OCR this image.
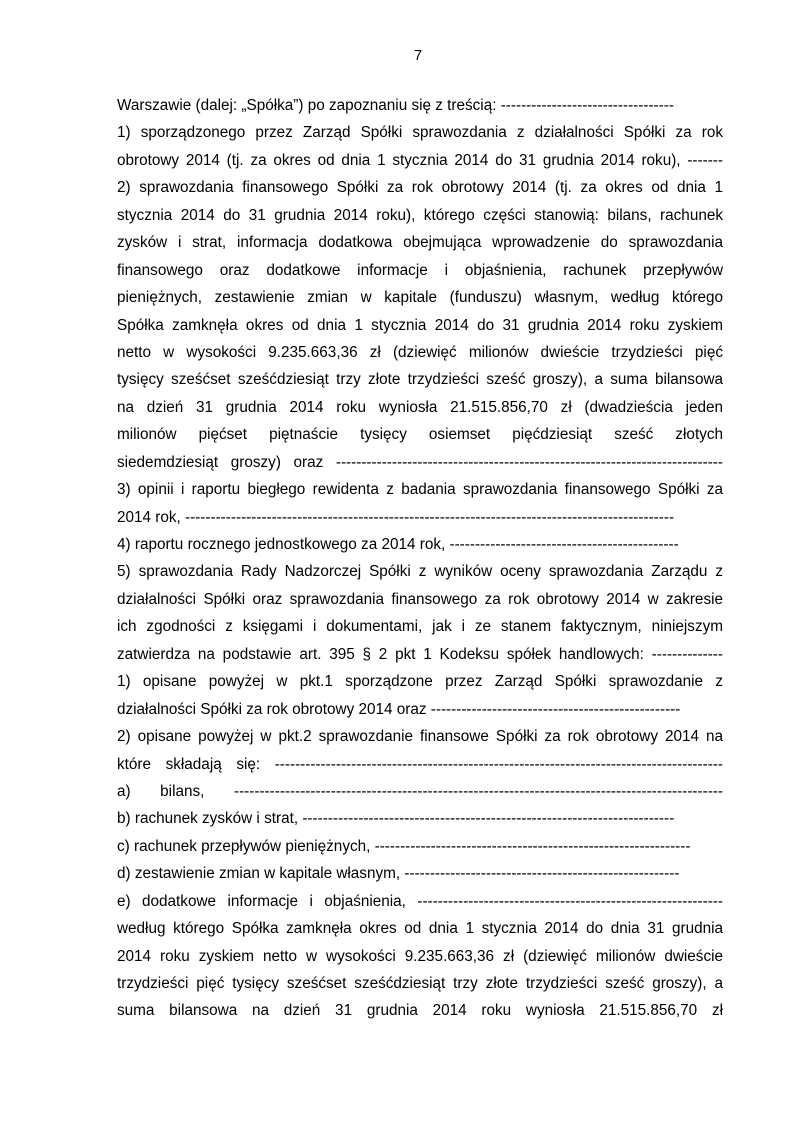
7
Warszawie (dalej: „Spółka”) po zapoznaniu się z treścią: ----------------------------------
1) sporządzonego przez Zarząd Spółki sprawozdania z działalności Spółki za rok
obrotowy 2014 (tj. za okres od dnia 1 stycznia 2014 do 31 grudnia 2014 roku), -------
2) sprawozdania finansowego Spółki za rok obrotowy 2014 (tj. za okres od dnia 1
stycznia 2014 do 31 grudnia 2014 roku), którego części stanowią: bilans, rachunek
zysków i strat, informacja dodatkowa obejmująca wprowadzenie do sprawozdania
finansowego oraz dodatkowe informacje i objaśnienia, rachunek przepływów
pieniężnych, zestawienie zmian w kapitale (funduszu) własnym, według którego
Spółka zamknęła okres od dnia 1 stycznia 2014 do 31 grudnia 2014 roku zyskiem
netto w wysokości 9.235.663,36 zł (dziewięć milionów dwieście trzydzieści pięć
tysięcy sześćset sześćdziesiąt trzy złote trzydzieści sześć groszy), a suma bilansowa
na dzień 31 grudnia 2014 roku wyniosła 21.515.856,70 zł (dwadzieścia jeden
milionów pięćset piętnaście tysięcy osiemset pięćdziesiąt sześć złotych
siedemdziesiąt groszy) oraz ----------------------------------------------------------------------------
3) opinii i raportu biegłego rewidenta z badania sprawozdania finansowego Spółki za
2014 rok, ------------------------------------------------------------------------------------------------
4) raportu rocznego jednostkowego za 2014 rok, ---------------------------------------------
5) sprawozdania Rady Nadzorczej Spółki z wyników oceny sprawozdania Zarządu z
działalności Spółki oraz sprawozdania finansowego za rok obrotowy 2014 w zakresie
ich zgodności z księgami i dokumentami, jak i ze stanem faktycznym, niniejszym
zatwierdza na podstawie art. 395 § 2 pkt 1 Kodeksu spółek handlowych: --------------
1) opisane powyżej w pkt.1 sporządzone przez Zarząd Spółki sprawozdanie z
działalności Spółki za rok obrotowy 2014 oraz -------------------------------------------------
2) opisane powyżej w pkt.2 sprawozdanie finansowe Spółki za rok obrotowy 2014 na
które składają się: ----------------------------------------------------------------------------------------
a) bilans, ------------------------------------------------------------------------------------------------
b) rachunek zysków i strat, -------------------------------------------------------------------------
c) rachunek przepływów pieniężnych, --------------------------------------------------------------
d) zestawienie zmian w kapitale własnym, ------------------------------------------------------
e) dodatkowe informacje i objaśnienia, ------------------------------------------------------------
według którego Spółka zamknęła okres od dnia 1 stycznia 2014 do dnia 31 grudnia
2014 roku zyskiem netto w wysokości 9.235.663,36 zł (dziewięć milionów dwieście
trzydzieści pięć tysięcy sześćset sześćdziesiąt trzy złote trzydzieści sześć groszy), a
suma bilansowa na dzień 31 grudnia 2014 roku wyniosła 21.515.856,70 zł
